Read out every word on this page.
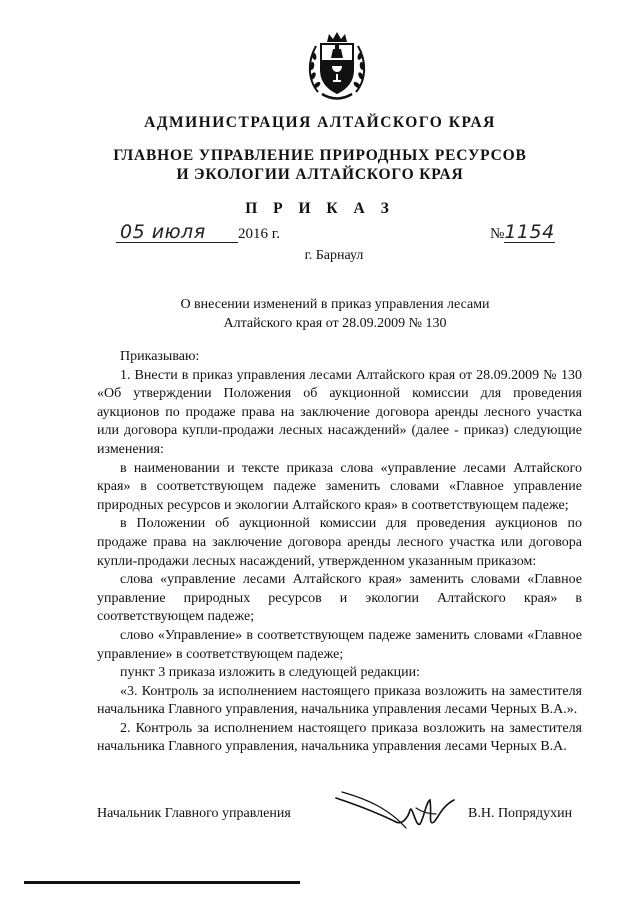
АДМИНИСТРАЦИЯ АЛТАЙСКОГО КРАЯ
ГЛАВНОЕ УПРАВЛЕНИЕ ПРИРОДНЫХ РЕСУРСОВ
И ЭКОЛОГИИ АЛТАЙСКОГО КРАЯ
П Р И К А З
05 июля 2016 г.	№1154
г. Барнаул
О внесении изменений в приказ управления лесами
Алтайского края от 28.09.2009 № 130

Приказываю:

1. Внести в приказ управления лесами Алтайского края от 28.09.2009 № 130 «Об утверждении Положения об аукционной комиссии для проведения аукционов по продаже права на заключение договора аренды лесного участка или договора купли-продажи лесных насаждений» (далее - приказ) следующие изменения:

в наименовании и тексте приказа слова «управление лесами Алтайского края» в соответствующем падеже заменить словами «Главное управление природных ресурсов и экологии Алтайского края» в соответствующем падеже;

в Положении об аукционной комиссии для проведения аукционов по продаже права на заключение договора аренды лесного участка или договора купли-продажи лесных насаждений, утвержденном указанным приказом:

слова «управление лесами Алтайского края» заменить словами «Главное управление природных ресурсов и экологии Алтайского края» в соответствующем падеже;

слово «Управление» в соответствующем падеже заменить словами «Главное управление» в соответствующем падеже;

пункт 3 приказа изложить в следующей редакции:

«3. Контроль за исполнением настоящего приказа возложить на заместителя начальника Главного управления, начальника управления лесами Черных В.А.».

2. Контроль за исполнением настоящего приказа возложить на заместителя начальника Главного управления, начальника управления лесами Черных В.А.

Начальник Главного управления	В.Н. Попрядухин
